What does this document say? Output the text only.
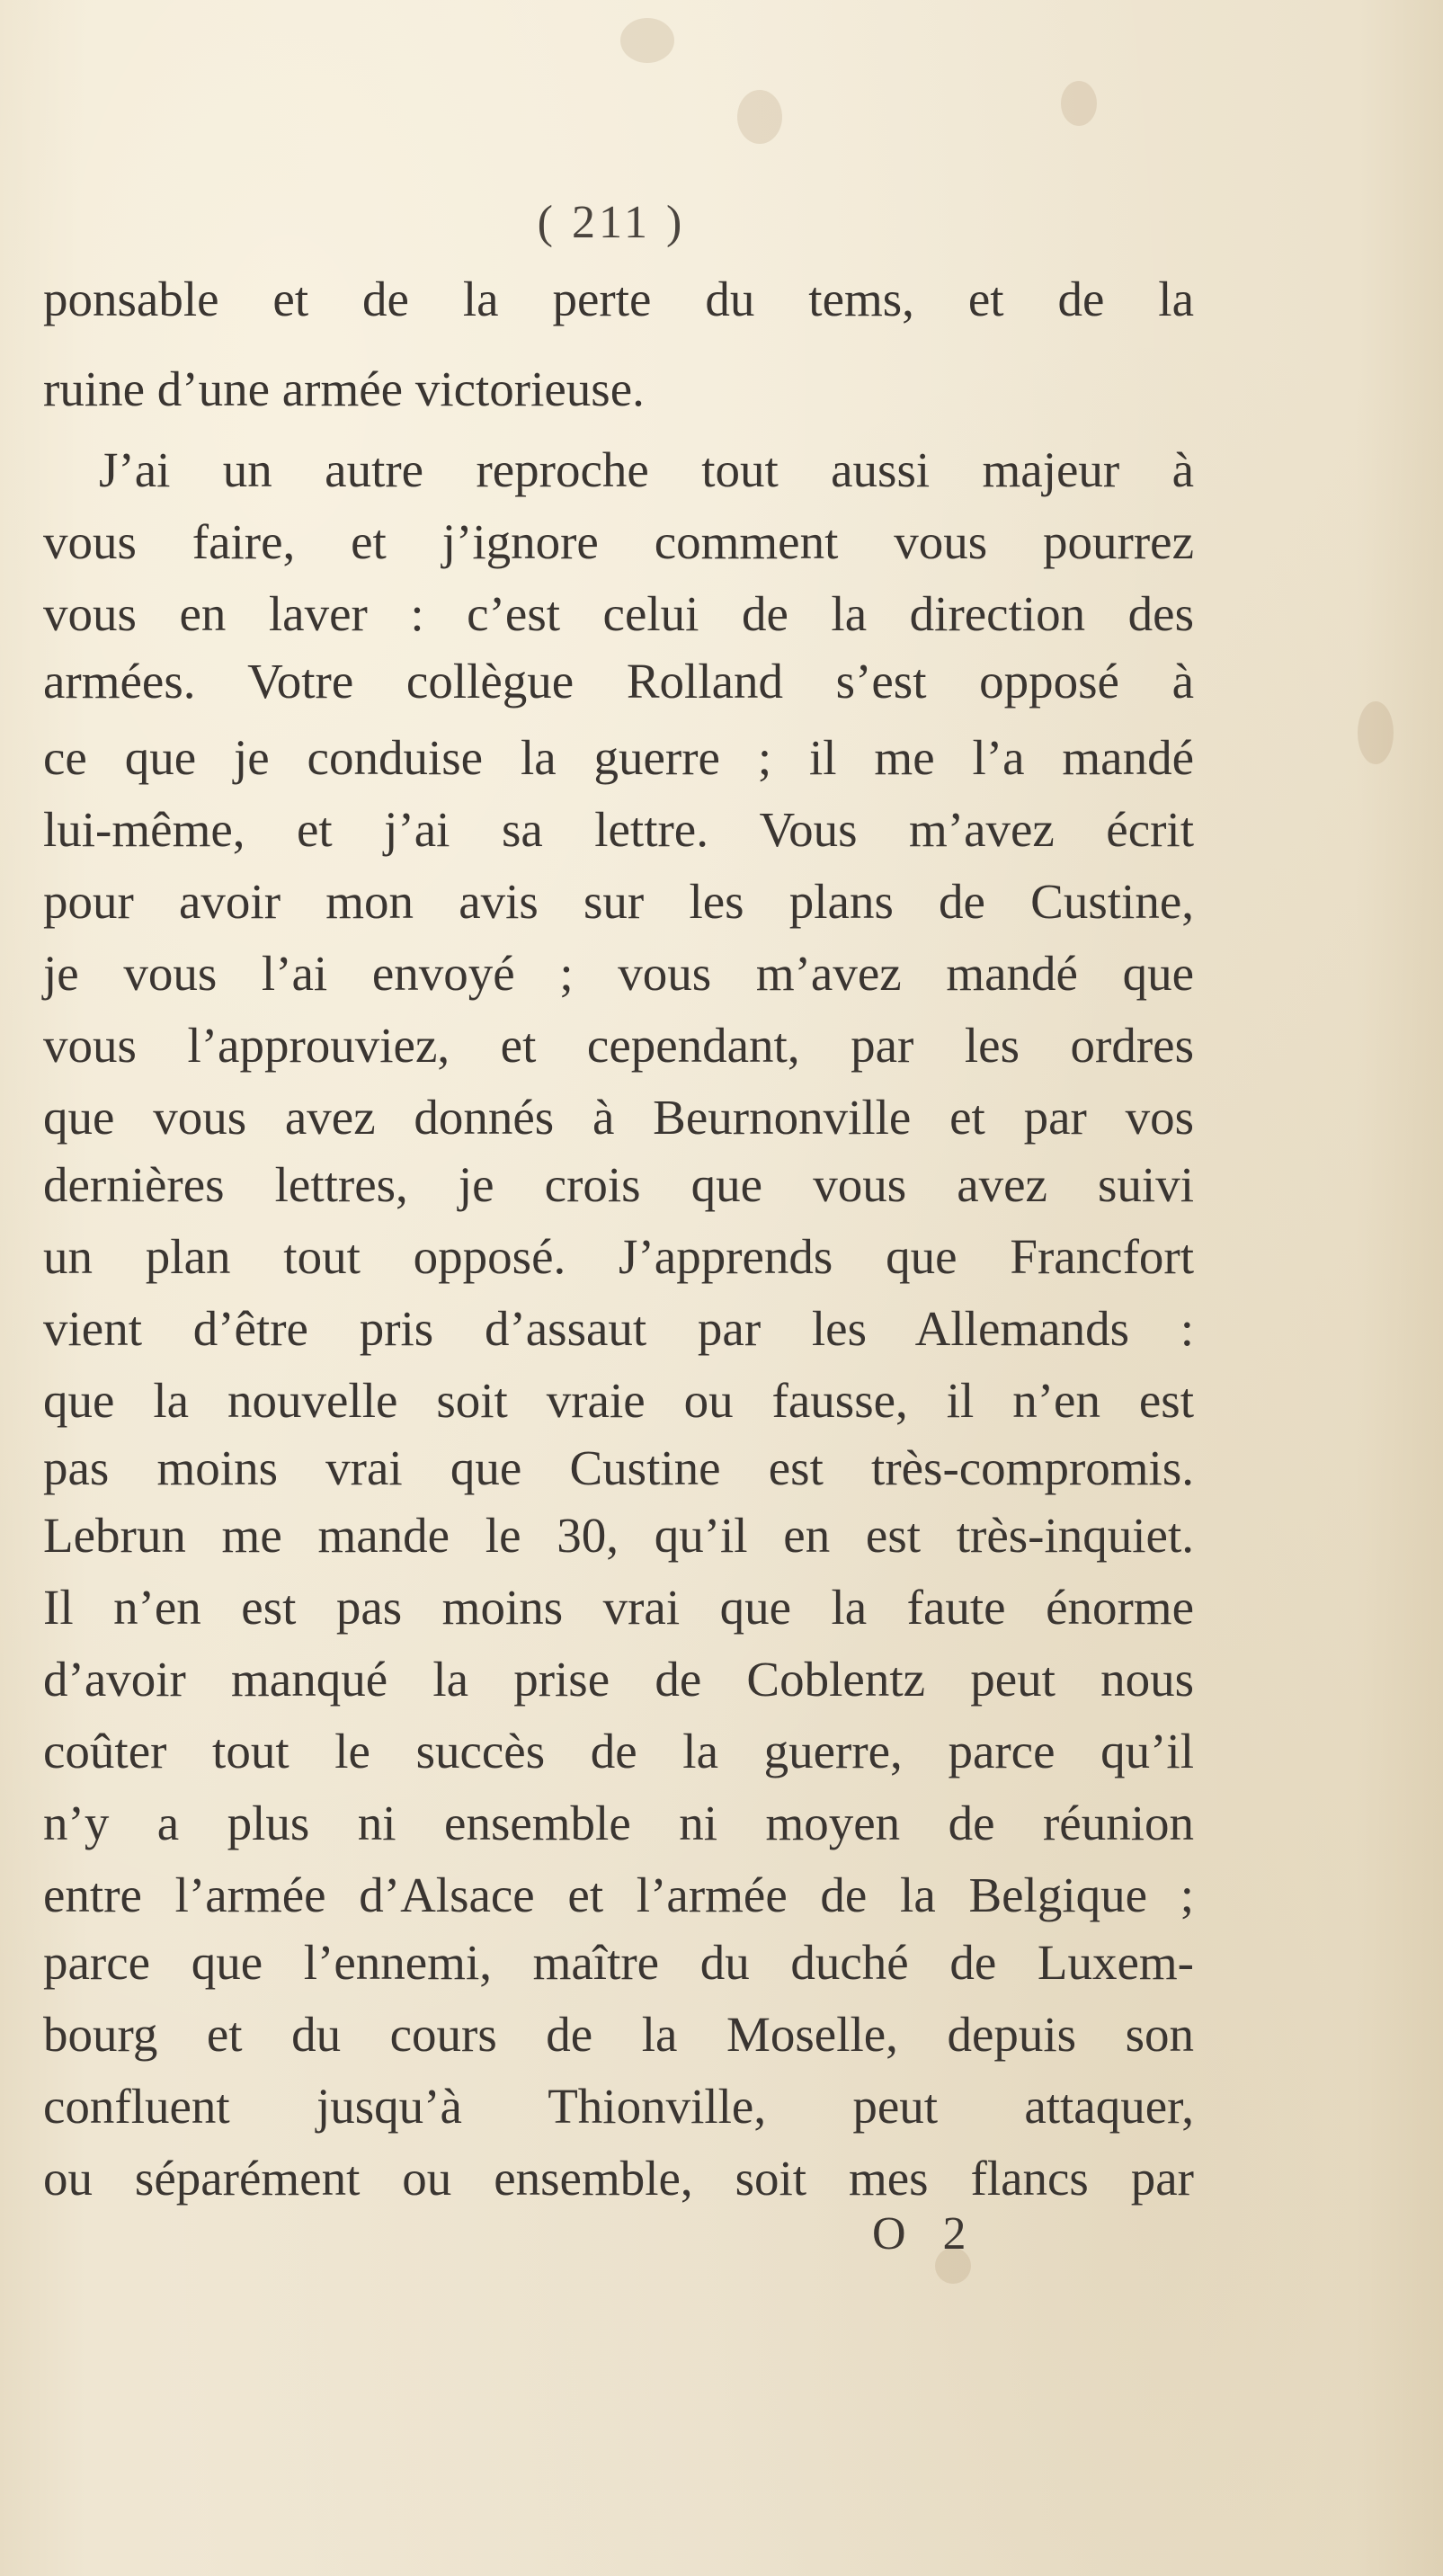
( 211 )
ponsable et de la perte du tems, et de la
ruine d’une armée victorieuse.
J’ai un autre reproche tout aussi majeur à
vous faire, et j’ignore comment vous pourrez
vous en laver : c’est celui de la direction des
armées. Votre collègue Rolland s’est opposé à
ce que je conduise la guerre ; il me l’a mandé
lui-même, et j’ai sa lettre. Vous m’avez écrit
pour avoir mon avis sur les plans de Custine,
je vous l’ai envoyé ; vous m’avez mandé que
vous l’approuviez, et cependant, par les ordres
que vous avez donnés à Beurnonville et par vos
dernières lettres, je crois que vous avez suivi
un plan tout opposé. J’apprends que Francfort
vient d’être pris d’assaut par les Allemands :
que la nouvelle soit vraie ou fausse, il n’en est
pas moins vrai que Custine est très-compromis.
Lebrun me mande le 30, qu’il en est très-inquiet.
Il n’en est pas moins vrai que la faute énorme
d’avoir manqué la prise de Coblentz peut nous
coûter tout le succès de la guerre, parce qu’il
n’y a plus ni ensemble ni moyen de réunion
entre l’armée d’Alsace et l’armée de la Belgique ;
parce que l’ennemi, maître du duché de Luxem-
bourg et du cours de la Moselle, depuis son
confluent jusqu’à Thionville, peut attaquer,
ou séparément ou ensemble, soit mes flancs par
O 2
